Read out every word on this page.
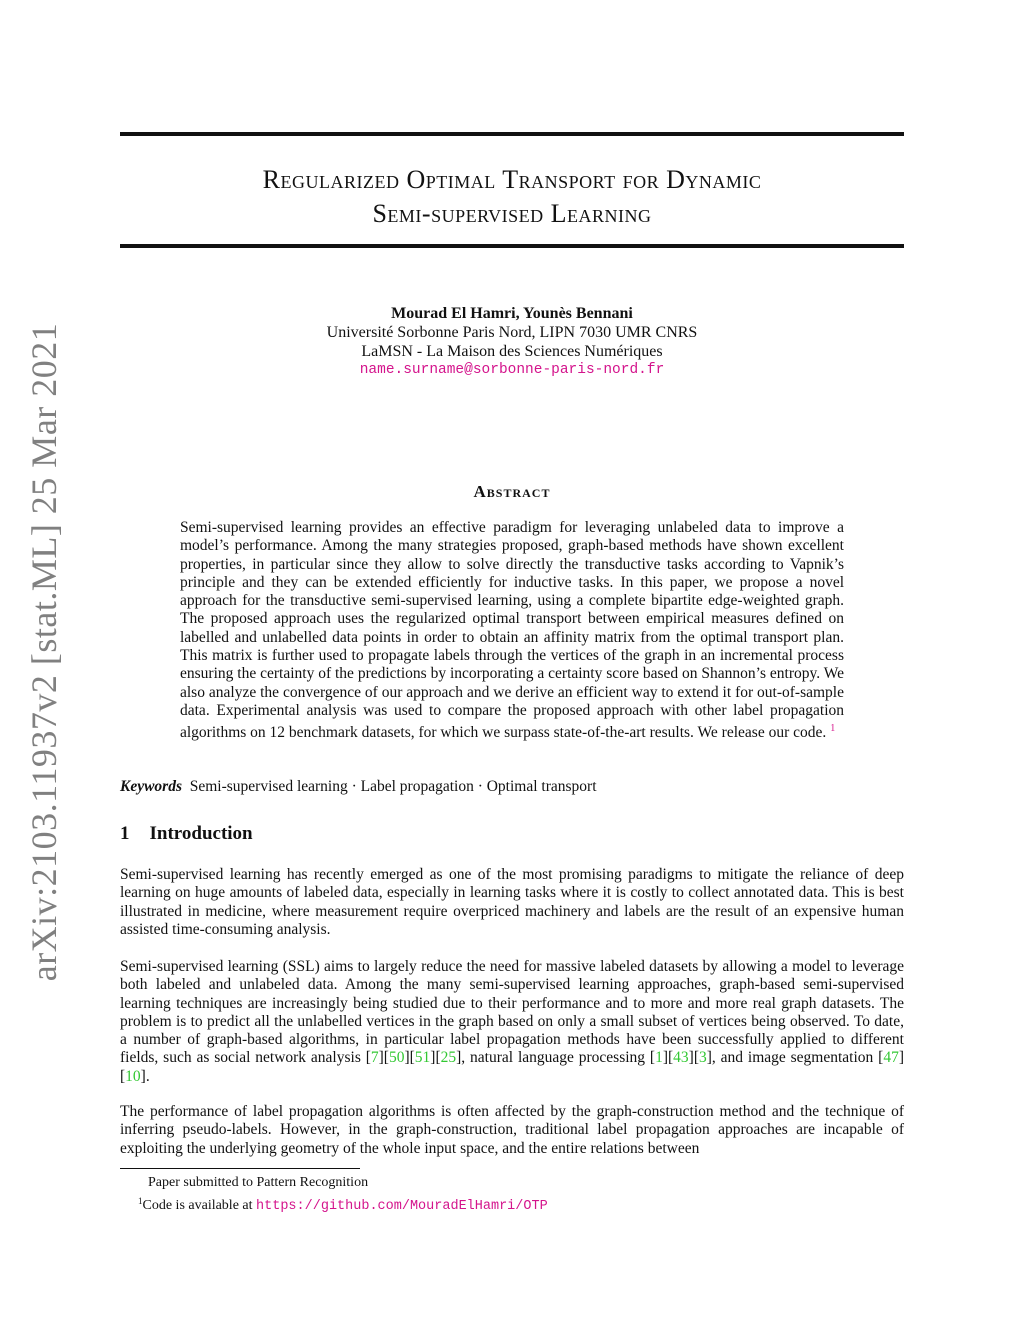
arXiv:2103.11937v2 [stat.ML] 25 Mar 2021
Regularized Optimal Transport for Dynamic
Semi-supervised Learning
Mourad El Hamri, Younès Bennani
Université Sorbonne Paris Nord, LIPN 7030 UMR CNRS
LaMSN - La Maison des Sciences Numériques
name.surname@sorbonne-paris-nord.fr
Abstract
Semi-supervised learning provides an effective paradigm for leveraging unlabeled data to improve a model’s performance. Among the many strategies proposed, graph-based methods have shown excellent properties, in particular since they allow to solve directly the transductive tasks according to Vapnik’s principle and they can be extended efficiently for inductive tasks. In this paper, we propose a novel approach for the transductive semi-supervised learning, using a complete bipartite edge-weighted graph. The proposed approach uses the regularized optimal transport between empirical measures defined on labelled and unlabelled data points in order to obtain an affinity matrix from the optimal transport plan. This matrix is further used to propagate labels through the vertices of the graph in an incremental process ensuring the certainty of the predictions by incorporating a certainty score based on Shannon’s entropy. We also analyze the convergence of our approach and we derive an efficient way to extend it for out-of-sample data. Experimental analysis was used to compare the proposed approach with other label propagation algorithms on 12 benchmark datasets, for which we surpass state-of-the-art results. We release our code. $^1$
Keywords Semi-supervised learning · Label propagation · Optimal transport
1 Introduction
Semi-supervised learning has recently emerged as one of the most promising paradigms to mitigate the reliance of deep learning on huge amounts of labeled data, especially in learning tasks where it is costly to collect annotated data. This is best illustrated in medicine, where measurement require overpriced machinery and labels are the result of an expensive human assisted time-consuming analysis.
Semi-supervised learning (SSL) aims to largely reduce the need for massive labeled datasets by allowing a model to leverage both labeled and unlabeled data. Among the many semi-supervised learning approaches, graph-based semi-supervised learning techniques are increasingly being studied due to their performance and to more and more real graph datasets. The problem is to predict all the unlabelled vertices in the graph based on only a small subset of vertices being observed. To date, a number of graph-based algorithms, in particular label propagation methods have been successfully applied to different fields, such as social network analysis [7][50][51][25], natural language processing [1][43][3], and image segmentation [47][10].
The performance of label propagation algorithms is often affected by the graph-construction method and the technique of inferring pseudo-labels. However, in the graph-construction, traditional label propagation approaches are incapable of exploiting the underlying geometry of the whole input space, and the entire relations between
Paper submitted to Pattern Recognition
$^1$Code is available at https://github.com/MouradElHamri/OTP
